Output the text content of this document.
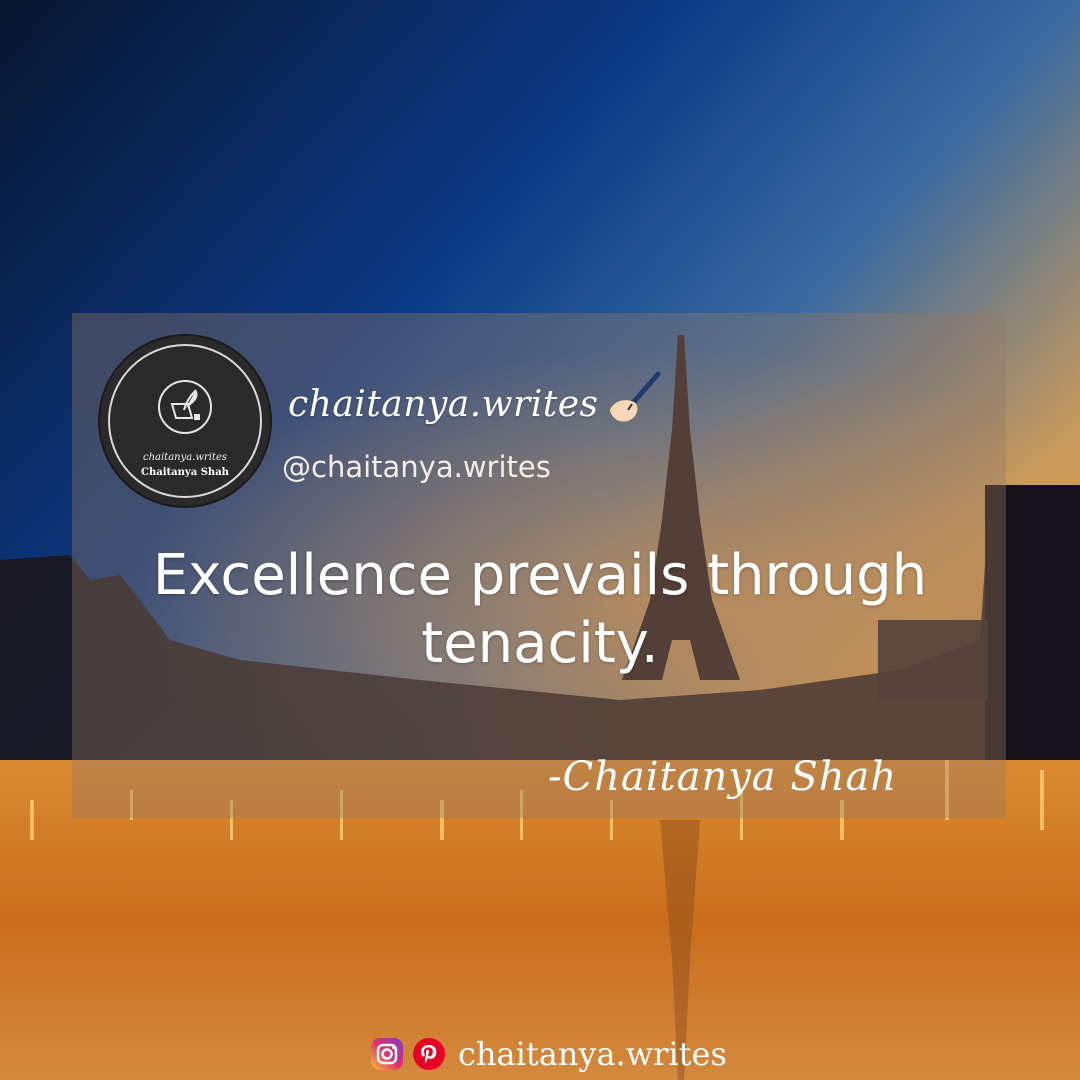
chaitanya.writes
Chaitanya Shah
chaitanya.writes
@chaitanya.writes
Excellence prevails through tenacity.
-Chaitanya Shah
chaitanya.writes
